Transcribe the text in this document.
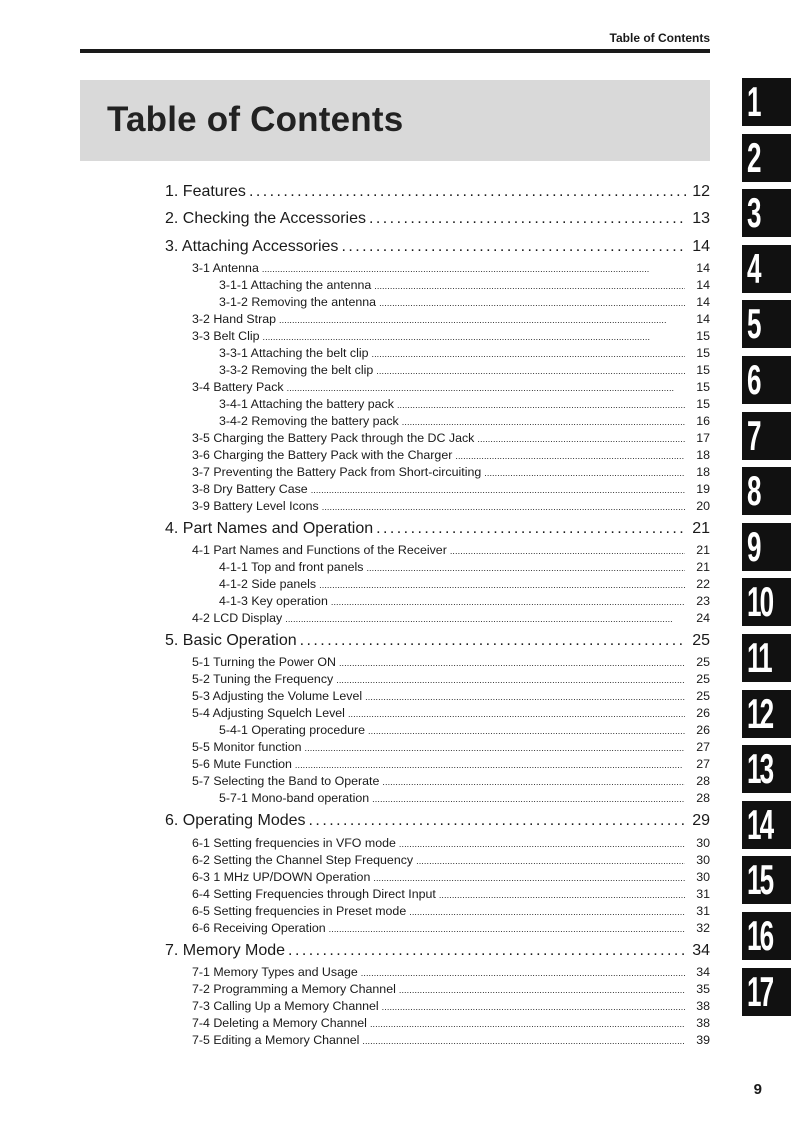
Table of Contents
Table of Contents
1. Features . . .	12
2. Checking the Accessories . . .	13
3. Attaching Accessories . . .	14
3-1 Antenna . . .	14
3-1-1 Attaching the antenna . . .	14
3-1-2 Removing the antenna . . .	14
3-2 Hand Strap . . .	14
3-3 Belt Clip . . .	15
3-3-1 Attaching the belt clip . . .	15
3-3-2 Removing the belt clip . . .	15
3-4 Battery Pack . . .	15
3-4-1 Attaching the battery pack . . .	15
3-4-2 Removing the battery pack . . .	16
3-5 Charging the Battery Pack through the DC Jack . . .	17
3-6 Charging the Battery Pack with the Charger . . .	18
3-7 Preventing the Battery Pack from Short-circuiting . . .	18
3-8 Dry Battery Case . . .	19
3-9 Battery Level Icons . . .	20
4. Part Names and Operation . . .	21
4-1 Part Names and Functions of the Receiver . . .	21
4-1-1 Top and front panels . . .	21
4-1-2 Side panels . . .	22
4-1-3 Key operation . . .	23
4-2 LCD Display . . .	24
5. Basic Operation . . .	25
5-1 Turning the Power ON . . .	25
5-2 Tuning the Frequency . . .	25
5-3 Adjusting the Volume Level . . .	25
5-4 Adjusting Squelch Level . . .	26
5-4-1 Operating procedure . . .	26
5-5 Monitor function . . .	27
5-6 Mute Function . . .	27
5-7 Selecting the Band to Operate . . .	28
5-7-1 Mono-band operation . . .	28
6. Operating Modes . . .	29
6-1 Setting frequencies in VFO mode . . .	30
6-2 Setting the Channel Step Frequency . . .	30
6-3 1 MHz UP/DOWN Operation . . .	30
6-4 Setting Frequencies through Direct Input . . .	31
6-5 Setting frequencies in Preset mode . . .	31
6-6 Receiving Operation . . .	32
7. Memory Mode . . .	34
7-1 Memory Types and Usage . . .	34
7-2 Programming a Memory Channel . . .	35
7-3 Calling Up a Memory Channel . . .	38
7-4 Deleting a Memory Channel . . .	38
7-5 Editing a Memory Channel . . .	39
1
2
3
4
5
6
7
8
9
10
11
12
13
14
15
16
17
9
